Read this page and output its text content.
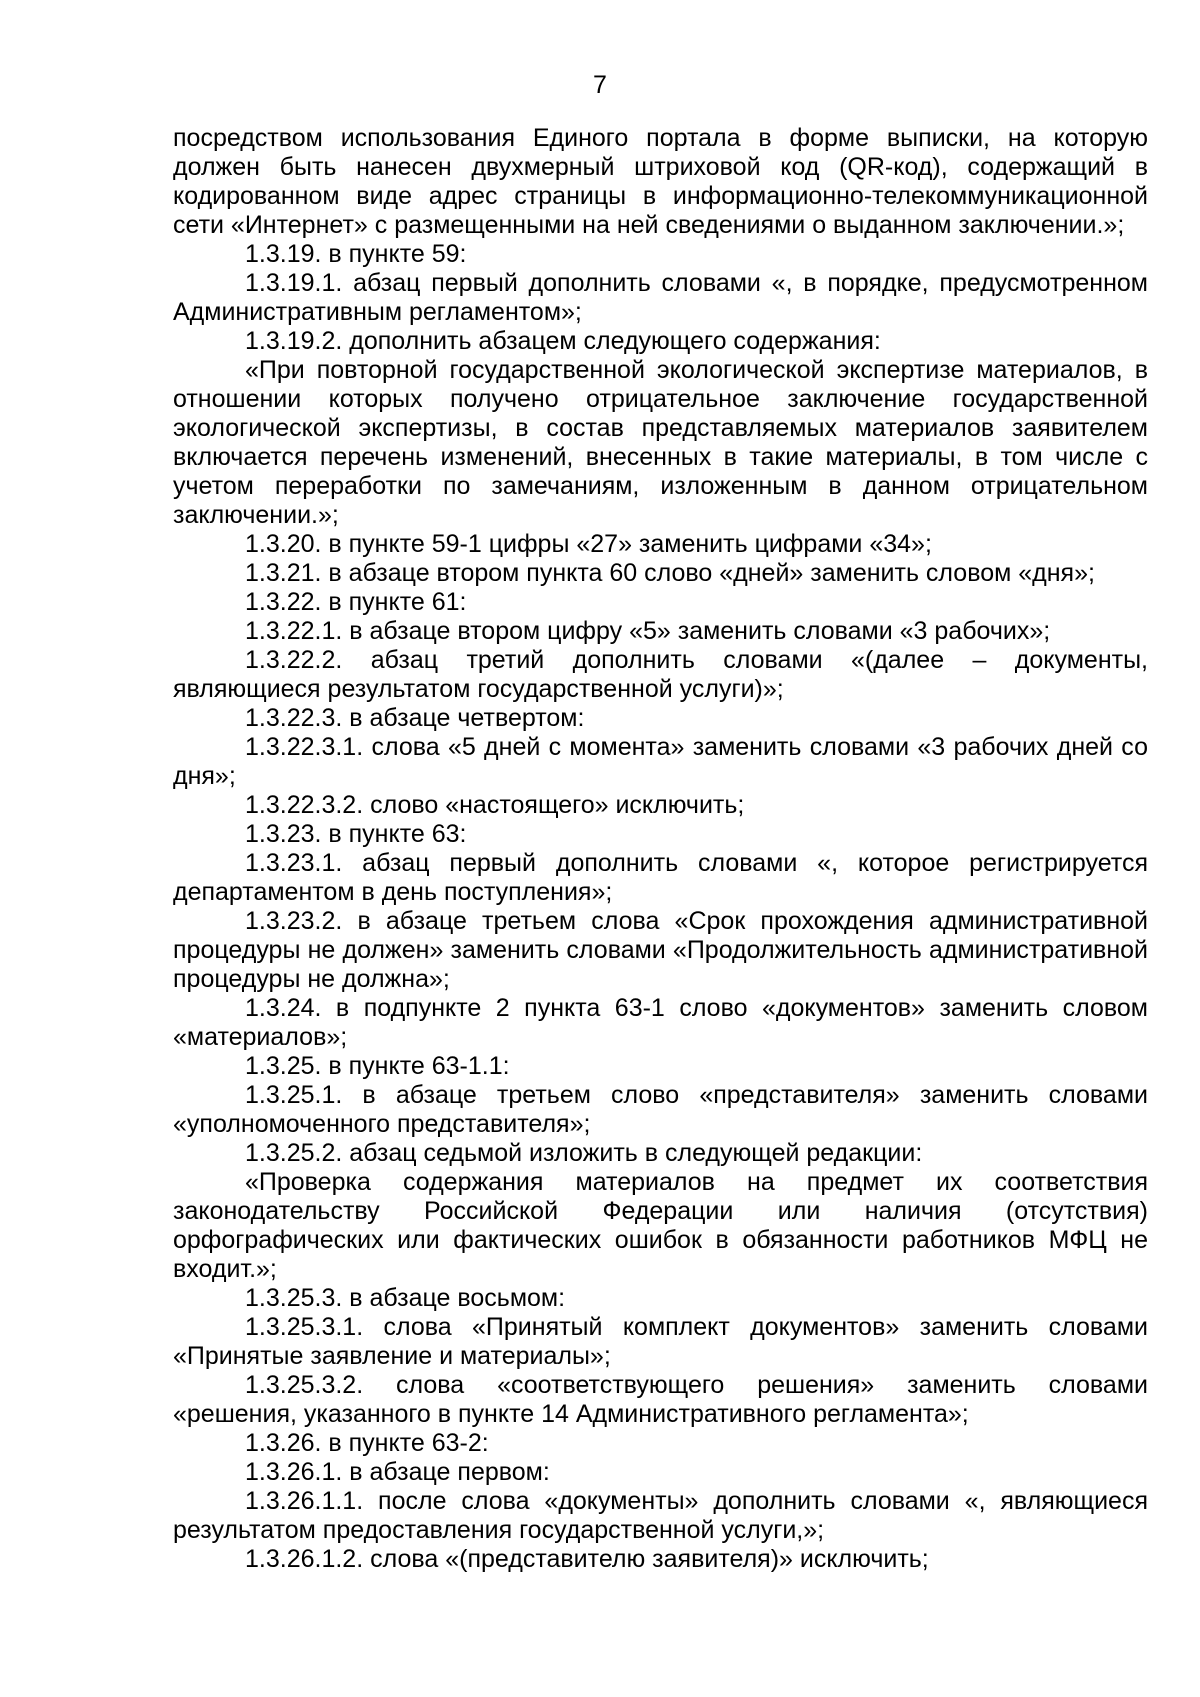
7

посредством использования Единого портала в форме выписки, на которую должен быть нанесен двухмерный штриховой код (QR-код), содержащий в кодированном виде адрес страницы в информационно-телекоммуникационной сети «Интернет» с размещенными на ней сведениями о выданном заключении.»;

1.3.19. в пункте 59:

1.3.19.1. абзац первый дополнить словами «, в порядке, предусмотренном Административным регламентом»;

1.3.19.2. дополнить абзацем следующего содержания:

«При повторной государственной экологической экспертизе материалов, в отношении которых получено отрицательное заключение государственной экологической экспертизы, в состав представляемых материалов заявителем включается перечень изменений, внесенных в такие материалы, в том числе с учетом переработки по замечаниям, изложенным в данном отрицательном заключении.»;

1.3.20. в пункте 59-1 цифры «27» заменить цифрами «34»;

1.3.21. в абзаце втором пункта 60 слово «дней» заменить словом «дня»;

1.3.22. в пункте 61:

1.3.22.1. в абзаце втором цифру «5» заменить словами «3 рабочих»;

1.3.22.2. абзац третий дополнить словами «(далее – документы, являющиеся результатом государственной услуги)»;

1.3.22.3. в абзаце четвертом:

1.3.22.3.1. слова «5 дней с момента» заменить словами «3 рабочих дней со дня»;

1.3.22.3.2. слово «настоящего» исключить;

1.3.23. в пункте 63:

1.3.23.1. абзац первый дополнить словами «, которое регистрируется департаментом в день поступления»;

1.3.23.2. в абзаце третьем слова «Срок прохождения административной процедуры не должен» заменить словами «Продолжительность административной процедуры не должна»;

1.3.24. в подпункте 2 пункта 63-1 слово «документов» заменить словом «материалов»;

1.3.25. в пункте 63-1.1:

1.3.25.1. в абзаце третьем слово «представителя» заменить словами «уполномоченного представителя»;

1.3.25.2. абзац седьмой изложить в следующей редакции:

«Проверка содержания материалов на предмет их соответствия законодательству Российской Федерации или наличия (отсутствия) орфографических или фактических ошибок в обязанности работников МФЦ не входит.»;

1.3.25.3. в абзаце восьмом:

1.3.25.3.1. слова «Принятый комплект документов» заменить словами «Принятые заявление и материалы»;

1.3.25.3.2. слова «соответствующего решения» заменить словами «решения, указанного в пункте 14 Административного регламента»;

1.3.26. в пункте 63-2:

1.3.26.1. в абзаце первом:

1.3.26.1.1. после слова «документы» дополнить словами «, являющиеся результатом предоставления государственной услуги,»;

1.3.26.1.2. слова «(представителю заявителя)» исключить;
